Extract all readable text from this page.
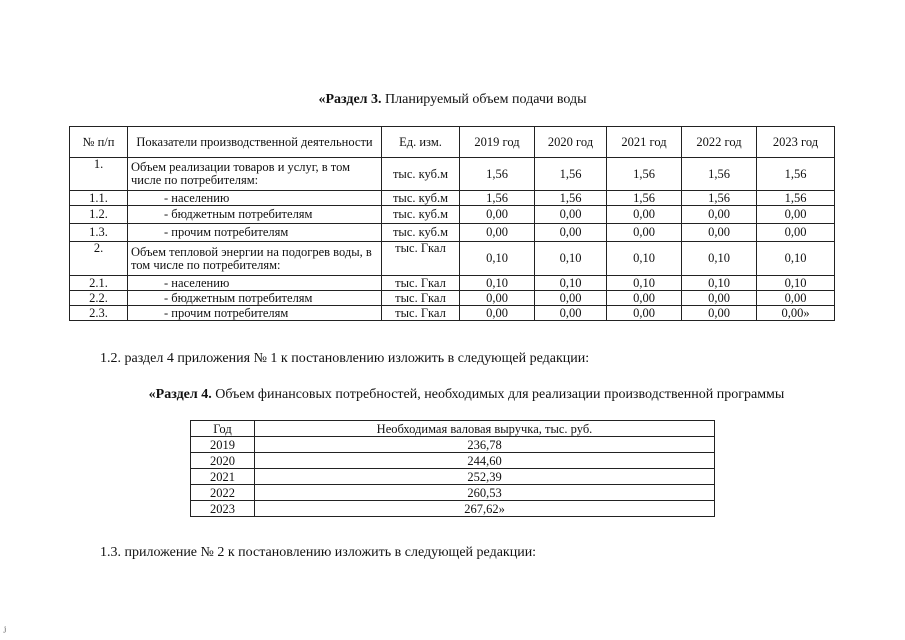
«Раздел 3. Планируемый объем подачи воды
№ п/п	Показатели производственной деятельности	Ед. изм.	2019 год	2020 год	2021 год	2022 год	2023 год
1.	Объем реализации товаров и услуг, в том числе по потребителям:	тыс. куб.м	1,56	1,56	1,56	1,56	1,56
1.1.	- населению	тыс. куб.м	1,56	1,56	1,56	1,56	1,56
1.2.	- бюджетным потребителям	тыс. куб.м	0,00	0,00	0,00	0,00	0,00
1.3.	- прочим потребителям	тыс. куб.м	0,00	0,00	0,00	0,00	0,00
2.	Объем тепловой энергии на подогрев воды, в том числе по потребителям:	тыс. Гкал	0,10	0,10	0,10	0,10	0,10
2.1.	- населению	тыс. Гкал	0,10	0,10	0,10	0,10	0,10
2.2.	- бюджетным потребителям	тыс. Гкал	0,00	0,00	0,00	0,00	0,00
2.3.	- прочим потребителям	тыс. Гкал	0,00	0,00	0,00	0,00	0,00»
1.2. раздел 4 приложения № 1 к постановлению изложить в следующей редакции:
«Раздел 4. Объем финансовых потребностей, необходимых для реализации производственной программы
Год	Необходимая валовая выручка, тыс. руб.
2019	236,78
2020	244,60
2021	252,39
2022	260,53
2023	267,62»
1.3. приложение № 2 к постановлению изложить в следующей редакции:
ⱼ
